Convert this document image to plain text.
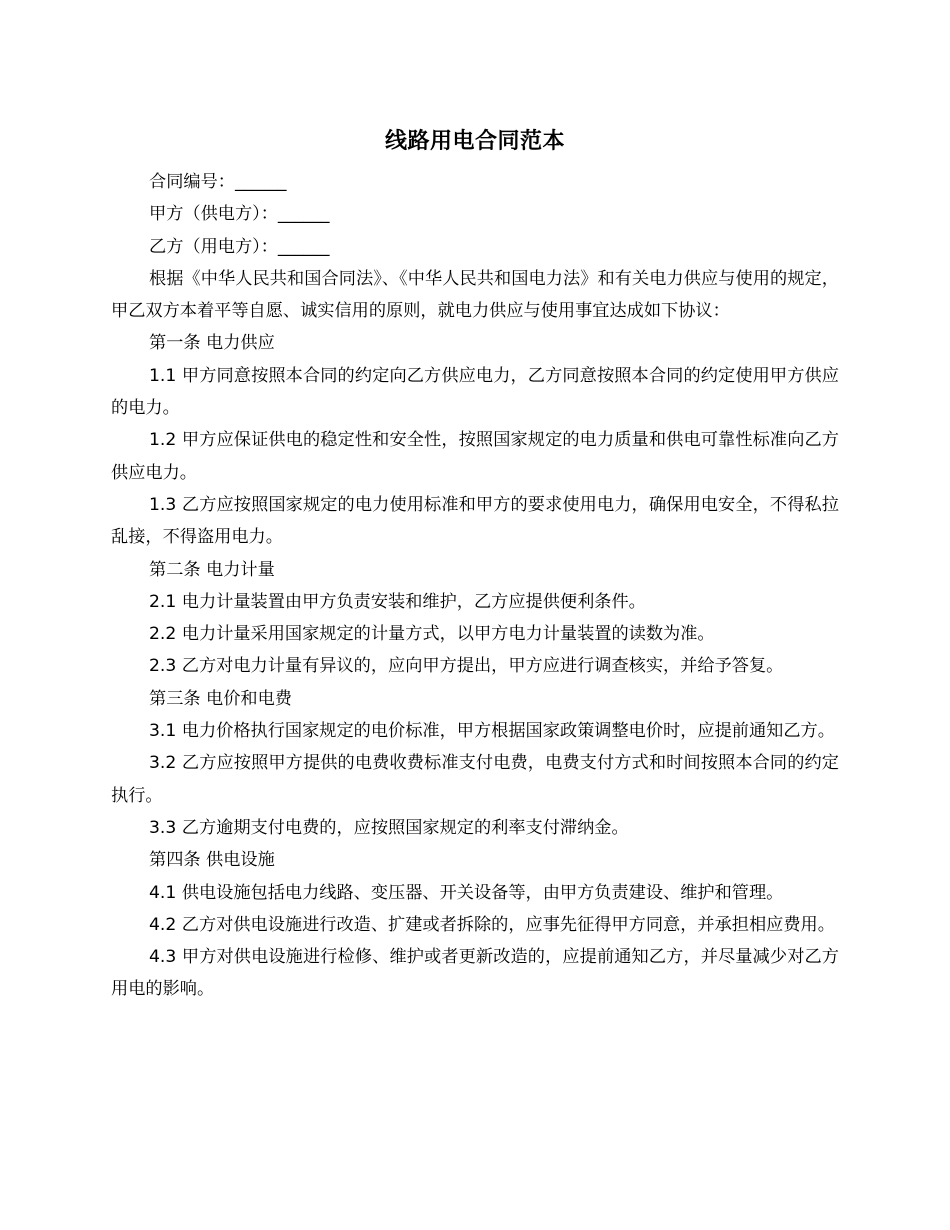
线路用电合同范本

合同编号：______

甲方（供电方）：______

乙方（用电方）：______

根据《中华人民共和国合同法》、《中华人民共和国电力法》和有关电力供应与使用的规定，甲乙双方本着平等自愿、诚实信用的原则，就电力供应与使用事宜达成如下协议：

第一条 电力供应

1.1 甲方同意按照本合同的约定向乙方供应电力，乙方同意按照本合同的约定使用甲方供应的电力。

1.2 甲方应保证供电的稳定性和安全性，按照国家规定的电力质量和供电可靠性标准向乙方供应电力。

1.3 乙方应按照国家规定的电力使用标准和甲方的要求使用电力，确保用电安全，不得私拉乱接，不得盗用电力。

第二条 电力计量

2.1 电力计量装置由甲方负责安装和维护，乙方应提供便利条件。

2.2 电力计量采用国家规定的计量方式，以甲方电力计量装置的读数为准。

2.3 乙方对电力计量有异议的，应向甲方提出，甲方应进行调查核实，并给予答复。

第三条 电价和电费

3.1 电力价格执行国家规定的电价标准，甲方根据国家政策调整电价时，应提前通知乙方。

3.2 乙方应按照甲方提供的电费收费标准支付电费，电费支付方式和时间按照本合同的约定执行。

3.3 乙方逾期支付电费的，应按照国家规定的利率支付滞纳金。

第四条 供电设施

4.1 供电设施包括电力线路、变压器、开关设备等，由甲方负责建设、维护和管理。

4.2 乙方对供电设施进行改造、扩建或者拆除的，应事先征得甲方同意，并承担相应费用。

4.3 甲方对供电设施进行检修、维护或者更新改造的，应提前通知乙方，并尽量减少对乙方用电的影响。
